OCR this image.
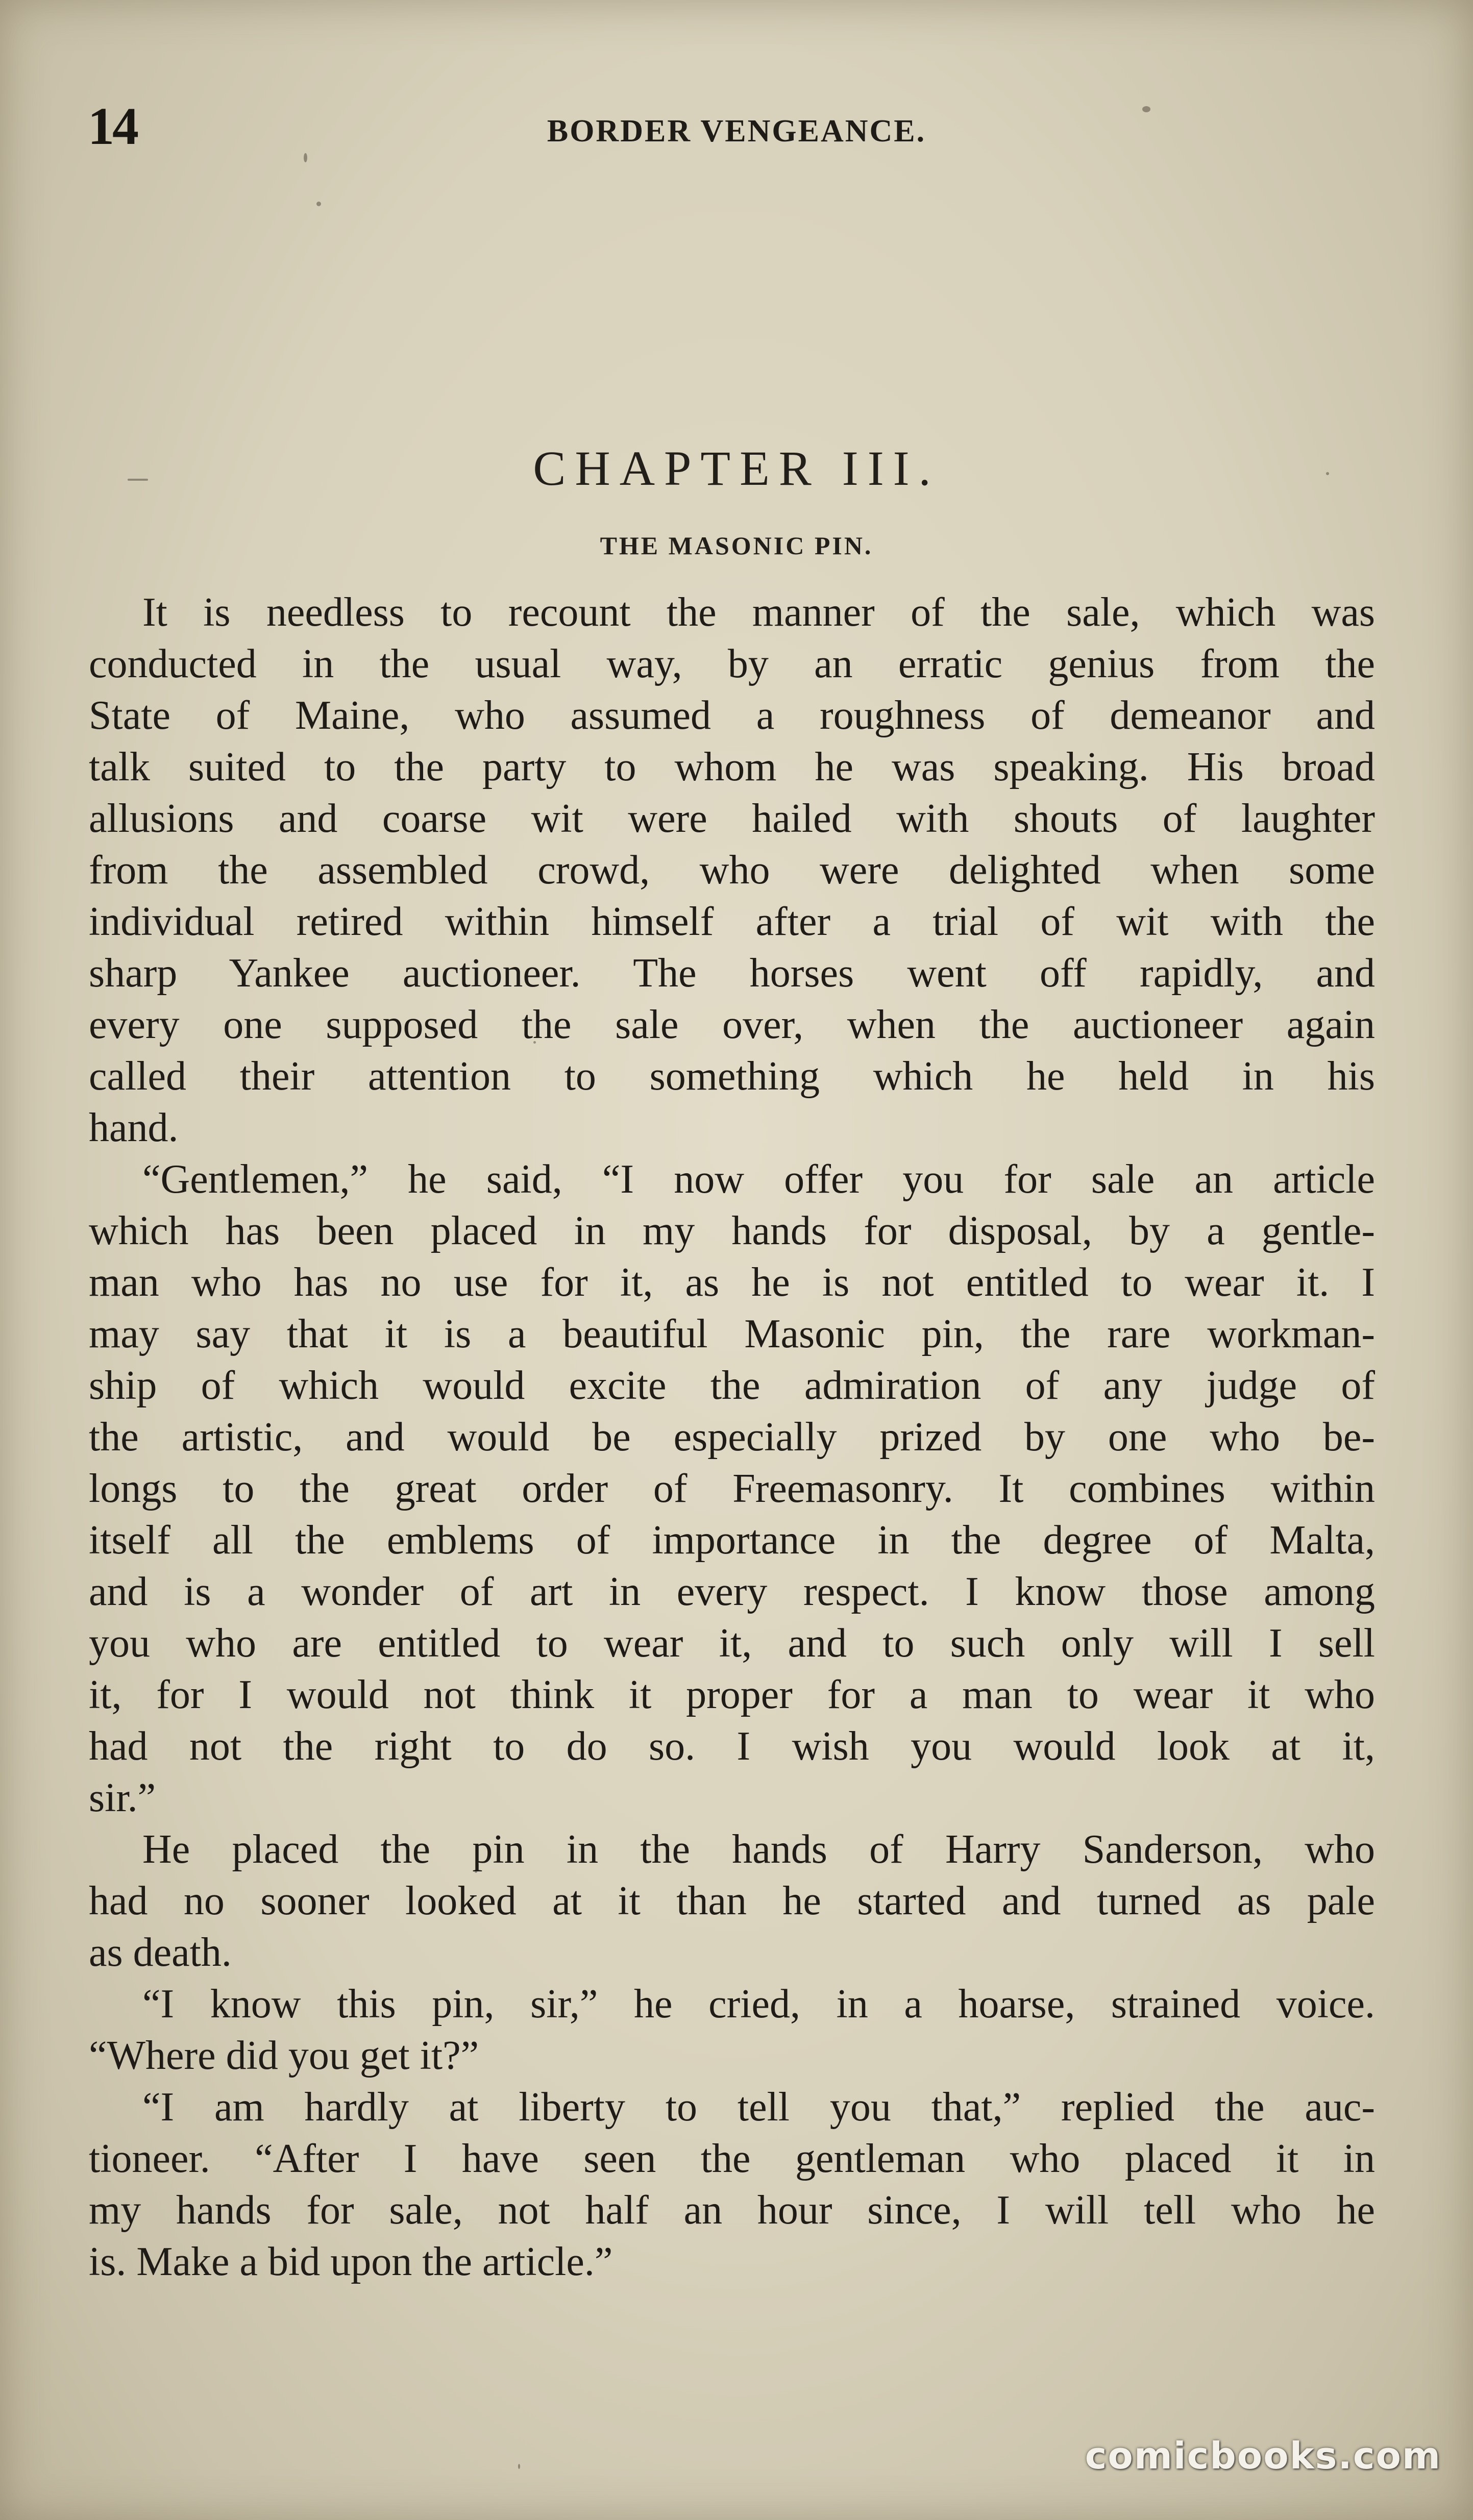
14	BORDER VENGEANCE.
CHAPTER III.
THE MASONIC PIN.
It is needless to recount the manner of the sale, which was
conducted in the usual way, by an erratic genius from the
State of Maine, who assumed a roughness of demeanor and
talk suited to the party to whom he was speaking. His broad
allusions and coarse wit were hailed with shouts of laughter
from the assembled crowd, who were delighted when some
individual retired within himself after a trial of wit with the
sharp Yankee auctioneer. The horses went off rapidly, and
every one supposed the sale over, when the auctioneer again
called their attention to something which he held in his
hand.
“Gentlemen,” he said, “I now offer you for sale an article
which has been placed in my hands for disposal, by a gentle-
man who has no use for it, as he is not entitled to wear it. I
may say that it is a beautiful Masonic pin, the rare workman-
ship of which would excite the admiration of any judge of
the artistic, and would be especially prized by one who be-
longs to the great order of Freemasonry. It combines within
itself all the emblems of importance in the degree of Malta,
and is a wonder of art in every respect. I know those among
you who are entitled to wear it, and to such only will I sell
it, for I would not think it proper for a man to wear it who
had not the right to do so. I wish you would look at it,
sir.”
He placed the pin in the hands of Harry Sanderson, who
had no sooner looked at it than he started and turned as pale
as death.
“I know this pin, sir,” he cried, in a hoarse, strained voice.
“Where did you get it?”
“I am hardly at liberty to tell you that,” replied the auc-
tioneer. “After I have seen the gentleman who placed it in
my hands for sale, not half an hour since, I will tell who he
is. Make a bid upon the article.”
comicbooks.com
